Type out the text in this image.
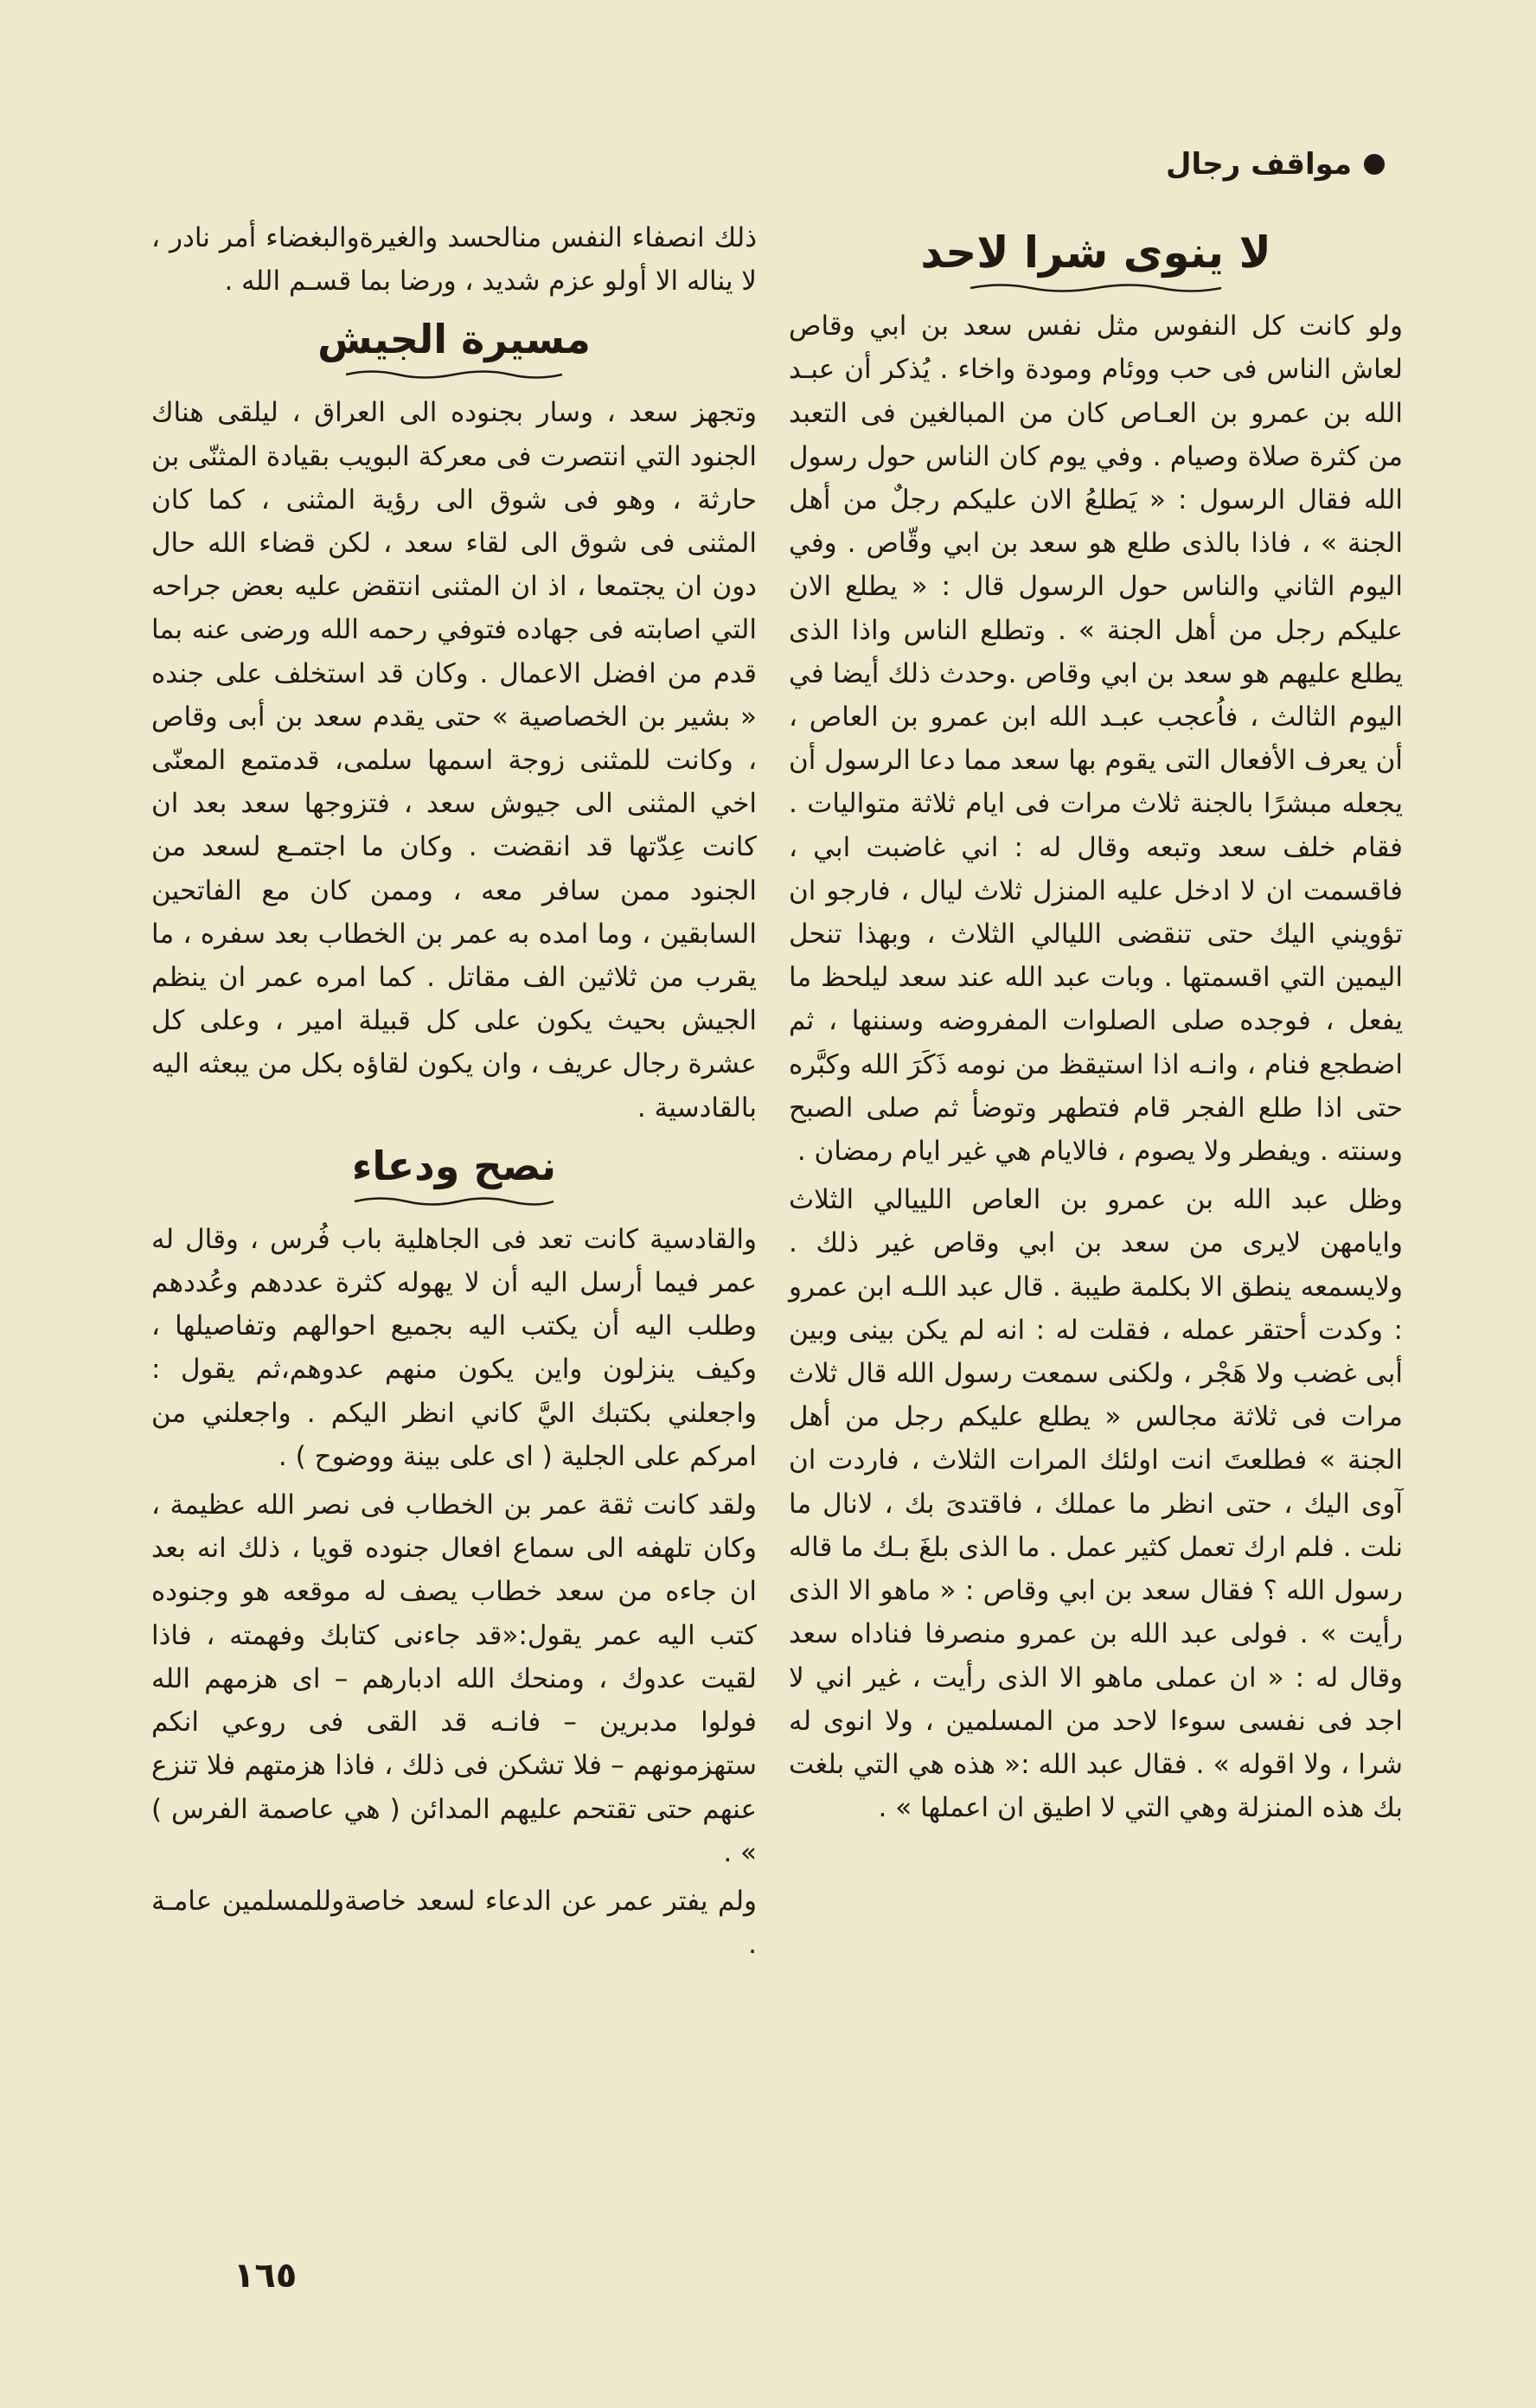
مواقف رجال
لا ينوى شرا لاحد

ولو كانت كل النفوس مثل نفس سعد بن ابي وقاص لعاش الناس فى حب ووئام ومودة واخاء . يُذكر أن عبـد الله بن عمرو بن العـاص كان من المبالغين فى التعبد من كثرة صلاة وصيام . وفي يوم كان الناس حول رسول الله فقال الرسول : « يَطلعُ الان عليكم رجلٌ من أهل الجنة » ، فاذا بالذى طلع هو سعد بن ابي وقّاص . وفي اليوم الثاني والناس حول الرسول قال : « يطلع الان عليكم رجل من أهل الجنة » . وتطلع الناس واذا الذى يطلع عليهم هو سعد بن ابي وقاص .وحدث ذلك أيضا في اليوم الثالث ، فاُعجب عبـد الله ابن عمرو بن العاص ، أن يعرف الأفعال التى يقوم بها سعد مما دعا الرسول أن يجعله مبشرًا بالجنة ثلاث مرات فى ايام ثلاثة متواليات . فقام خلف سعد وتبعه وقال له : اني غاضبت ابي ، فاقسمت ان لا ادخل عليه المنزل ثلاث ليال ، فارجو ان تؤويني اليك حتى تنقضى الليالي الثلاث ، وبهذا تنحل اليمين التي اقسمتها . وبات عبد الله عند سعد ليلحظ ما يفعل ، فوجده صلى الصلوات المفروضه وسننها ، ثم اضطجع فنام ، وانـه اذا استيقظ من نومه ذَكَرَ الله وكبَّره حتى اذا طلع الفجر قام فتطهر وتوضأ ثم صلى الصبح وسنته . ويفطر ولا يصوم ، فالايام هي غير ايام رمضان .

وظل عبد الله بن عمرو بن العاص اللييالي الثلاث وايامهن لايرى من سعد بن ابي وقاص غير ذلك . ولايسمعه ينطق الا بكلمة طيبة . قال عبد اللـه ابن عمرو : وكدت أحتقر عمله ، فقلت له : انه لم يكن بينى وبين أبى غضب ولا هَجْر ، ولكنى سمعت رسول الله قال ثلاث مرات فى ثلاثة مجالس « يطلع عليكم رجل من أهل الجنة » فطلعتَ انت اولئك المرات الثلاث ، فاردت ان آوى اليك ، حتى انظر ما عملك ، فاقتدىَ بك ، لانال ما نلت . فلم ارك تعمل كثير عمل . ما الذى بلغَ بـك ما قاله رسول الله ؟ فقال سعد بن ابي وقاص : « ماهو الا الذى رأيت » . فولى عبد الله بن عمرو منصرفا فناداه سعد وقال له : « ان عملى ماهو الا الذى رأيت ، غير اني لا اجد فى نفسى سوءا لاحد من المسلمين ، ولا انوى له شرا ، ولا اقوله » . فقال عبد الله :« هذه هي التي بلغت بك هذه المنزلة وهي التي لا اطيق ان اعملها » .

ذلك انصفاء النفس منالحسد والغيرةوالبغضاء أمر نادر ، لا يناله الا أولو عزم شديد ، ورضا بما قسـم الله .

مسيرة الجيش

وتجهز سعد ، وسار بجنوده الى العراق ، ليلقى هناك الجنود التي انتصرت فى معركة البويب بقيادة المثنّى بن حارثة ، وهو فى شوق الى رؤية المثنى ، كما كان المثنى فى شوق الى لقاء سعد ، لكن قضاء الله حال دون ان يجتمعا ، اذ ان المثنى انتقض عليه بعض جراحه التي اصابته فى جهاده فتوفي رحمه الله ورضى عنه بما قدم من افضل الاعمال . وكان قد استخلف على جنده « بشير بن الخصاصية » حتى يقدم سعد بن أبى وقاص ، وكانت للمثنى زوجة اسمها سلمى، قدمتمع المعنّى اخي المثنى الى جيوش سعد ، فتزوجها سعد بعد ان كانت عِدّتها قد انقضت . وكان ما اجتمـع لسعد من الجنود ممن سافر معه ، وممن كان مع الفاتحين السابقين ، وما امده به عمر بن الخطاب بعد سفره ، ما يقرب من ثلاثين الف مقاتل . كما امره عمر ان ينظم الجيش بحيث يكون على كل قبيلة امير ، وعلى كل عشرة رجال عريف ، وان يكون لقاؤه بكل من يبعثه اليه بالقادسية .

نصح ودعاء

والقادسية كانت تعد فى الجاهلية باب فُرس ، وقال له عمر فيما أرسل اليه أن لا يهوله كثرة عددهم وعُددهم وطلب اليه أن يكتب اليه بجميع احوالهم وتفاصيلها ، وكيف ينزلون واين يكون منهم عدوهم،ثم يقول : واجعلني بكتبك اليَّ كاني انظر اليكم . واجعلني من امركم على الجلية ( اى على بينة ووضوح ) .

ولقد كانت ثقة عمر بن الخطاب فى نصر الله عظيمة ، وكان تلهفه الى سماع افعال جنوده قويا ، ذلك انه بعد ان جاءه من سعد خطاب يصف له موقعه هو وجنوده كتب اليه عمر يقول:«قد جاءنى كتابك وفهمته ، فاذا لقيت عدوك ، ومنحك الله ادبارهم – اى هزمهم الله فولوا مدبرين – فانـه قد القى فى روعي انكم ستهزمونهم – فلا تشكن فى ذلك ، فاذا هزمتهم فلا تنزع عنهم حتى تقتحم عليهم المدائن ( هي عاصمة الفرس ) » .

ولم يفتر عمر عن الدعاء لسعد خاصةوللمسلمين عامـة .

١٦٥
